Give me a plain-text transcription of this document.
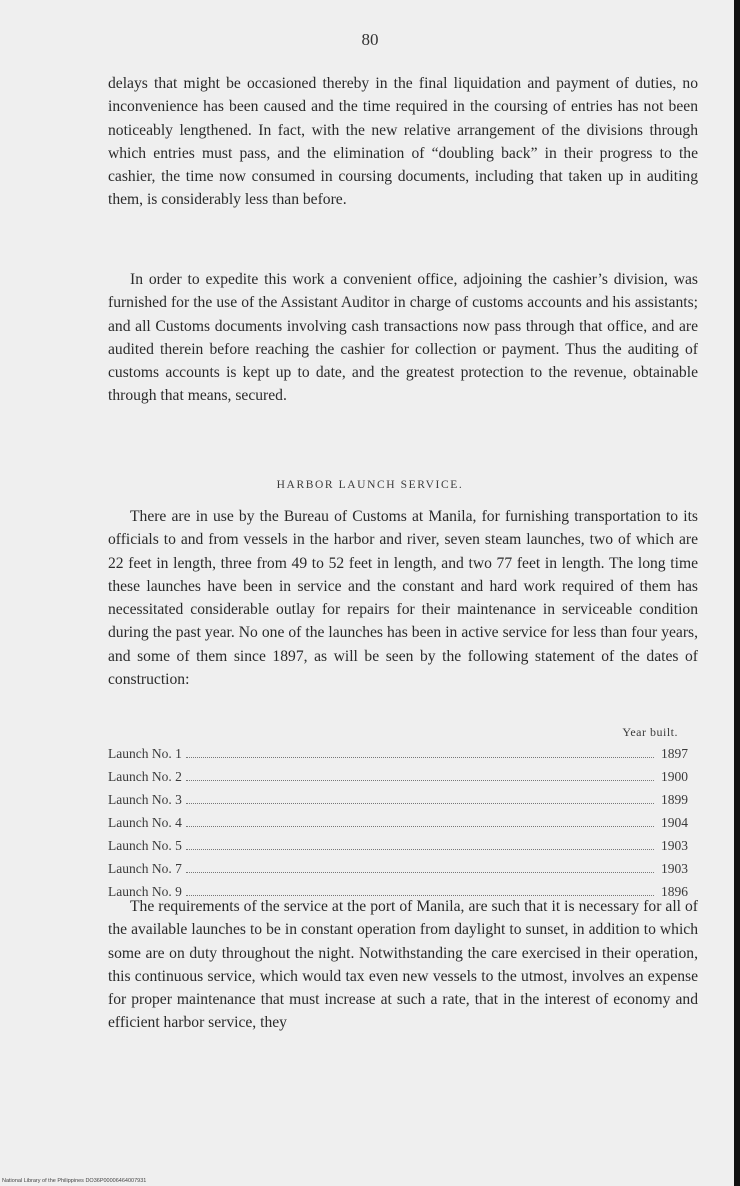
80

delays that might be occasioned thereby in the final liquidation and payment of duties, no inconvenience has been caused and the time required in the coursing of entries has not been noticeably lengthened. In fact, with the new relative arrangement of the divisions through which entries must pass, and the elimination of “doubling back” in their progress to the cashier, the time now consumed in coursing documents, including that taken up in auditing them, is considerably less than before.

In order to expedite this work a convenient office, adjoining the cashier’s division, was furnished for the use of the Assistant Auditor in charge of customs accounts and his assistants; and all Customs documents involving cash transactions now pass through that office, and are audited therein before reaching the cashier for collection or payment. Thus the auditing of customs accounts is kept up to date, and the greatest protection to the revenue, obtainable through that means, secured.

HARBOR LAUNCH SERVICE.

There are in use by the Bureau of Customs at Manila, for furnishing transportation to its officials to and from vessels in the harbor and river, seven steam launches, two of which are 22 feet in length, three from 49 to 52 feet in length, and two 77 feet in length. The long time these launches have been in service and the constant and hard work required of them has necessitated considerable outlay for repairs for their maintenance in serviceable condition during the past year. No one of the launches has been in active service for less than four years, and some of them since 1897, as will be seen by the following statement of the dates of construction:

Year built.
Launch No. 1	1897
Launch No. 2	1900
Launch No. 3	1899
Launch No. 4	1904
Launch No. 5	1903
Launch No. 7	1903
Launch No. 9	1896

The requirements of the service at the port of Manila, are such that it is necessary for all of the available launches to be in constant operation from daylight to sunset, in addition to which some are on duty throughout the night. Notwithstanding the care exercised in their operation, this continuous service, which would tax even new vessels to the utmost, involves an expense for proper maintenance that must increase at such a rate, that in the interest of economy and efficient harbor service, they

National Library of the Philippines DO36P00006464007931
